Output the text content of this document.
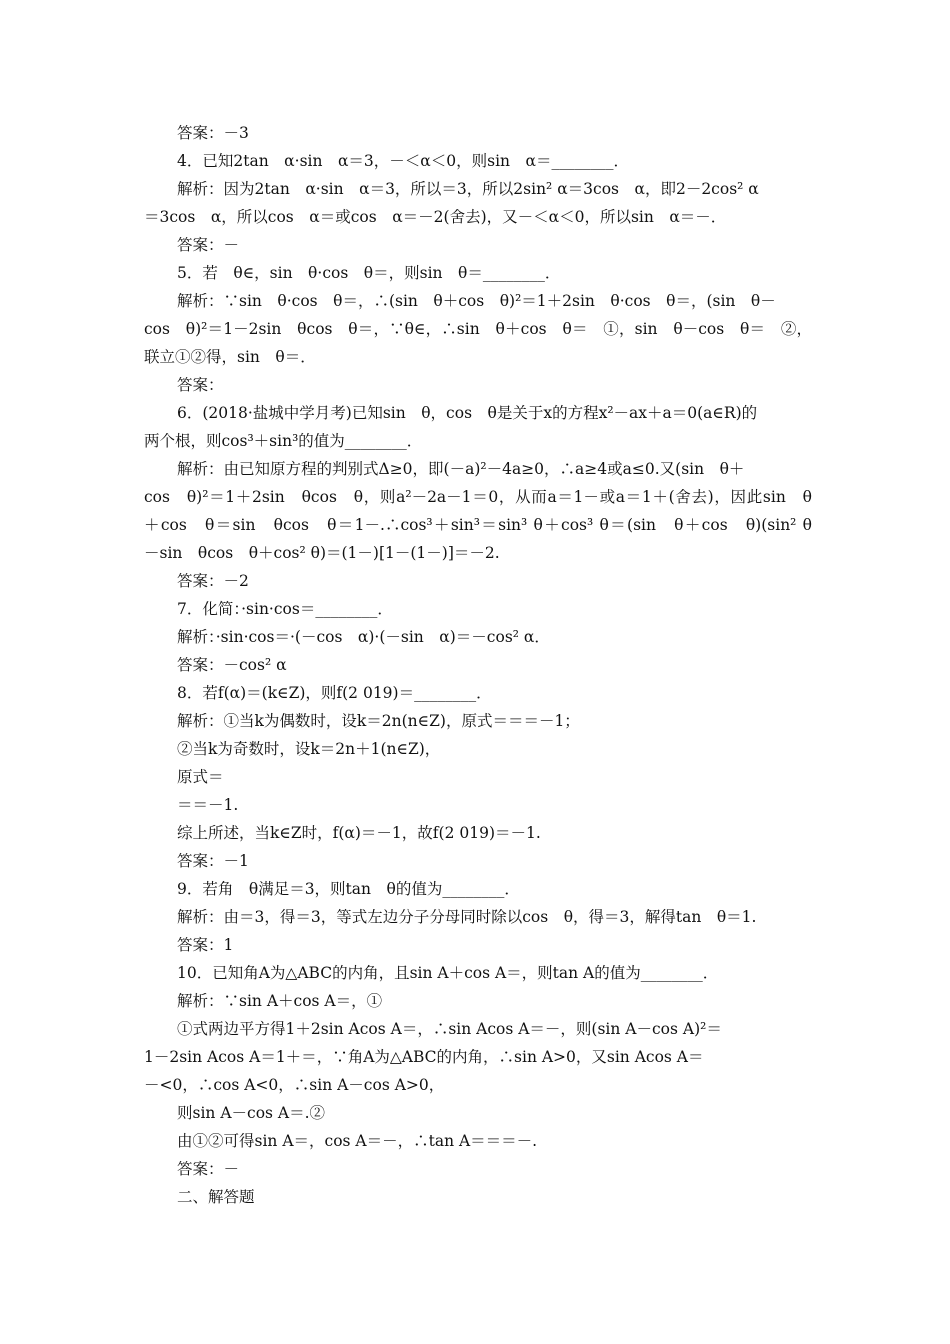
答案：－3
4．已知2tan　α·sin　α＝3，－＜α＜0，则sin　α＝________．
解析：因为2tan　α·sin　α＝3，所以＝3，所以2sin² α＝3cos　α，即2－2cos² α
＝3cos　α，所以cos　α＝或cos　α＝－2(舍去)，又－＜α＜0，所以sin　α＝－．
答案：－
5．若　θ∈，sin　θ·cos　θ＝，则sin　θ＝________．
解析：∵sin　θ·cos　θ＝，∴(sin　θ＋cos　θ)²＝1＋2sin　θ·cos　θ＝，(sin　θ－
cos　θ)²＝1－2sin　θcos　θ＝，∵θ∈，∴sin　θ＋cos　θ＝　①，sin　θ－cos　θ＝　②，
联立①②得，sin　θ＝．
答案：
6．(2018·盐城中学月考)已知sin　θ，cos　θ是关于x的方程x²－ax＋a＝0(a∈R)的
两个根，则cos³＋sin³的值为________．
解析：由已知原方程的判别式Δ≥0，即(－a)²－4a≥0，∴a≥4或a≤0.又(sin　θ＋
cos　θ)²＝1＋2sin　θcos　θ，则a²－2a－1＝0，从而a＝1－或a＝1＋(舍去)，因此sin　θ
＋cos　θ＝sin　θcos　θ＝1－.∴cos³＋sin³＝sin³ θ＋cos³ θ＝(sin　θ＋cos　θ)(sin² θ
－sin　θcos　θ＋cos² θ)＝(1－)[1－(1－)]＝－2.
答案：－2
7．化简：·sin·cos＝________．
解析：·sin·cos＝·(－cos　α)·(－sin　α)＝－cos² α．
答案：－cos² α
8．若f(α)＝(k∈Z)，则f(2 019)＝________．
解析：①当k为偶数时，设k＝2n(n∈Z)，原式＝＝＝－1；
②当k为奇数时，设k＝2n＋1(n∈Z)，
原式＝
＝＝－1.
综上所述，当k∈Z时，f(α)＝－1，故f(2 019)＝－1.
答案：－1
9．若角　θ满足＝3，则tan　θ的值为________．
解析：由＝3，得＝3，等式左边分子分母同时除以cos　θ，得＝3，解得tan　θ＝1.
答案：1
10．已知角A为△ABC的内角，且sin A＋cos A＝，则tan A的值为________．
解析：∵sin A＋cos A＝，①
①式两边平方得1＋2sin Acos A＝，∴sin Acos A＝－，则(sin A－cos A)²＝
1－2sin Acos A＝1＋＝，∵角A为△ABC的内角，∴sin A>0，又sin Acos A＝
－<0，∴cos A<0，∴sin A－cos A>0，
则sin A－cos A＝.②
由①②可得sin A＝，cos A＝－，∴tan A＝＝＝－.
答案：－
二、解答题
